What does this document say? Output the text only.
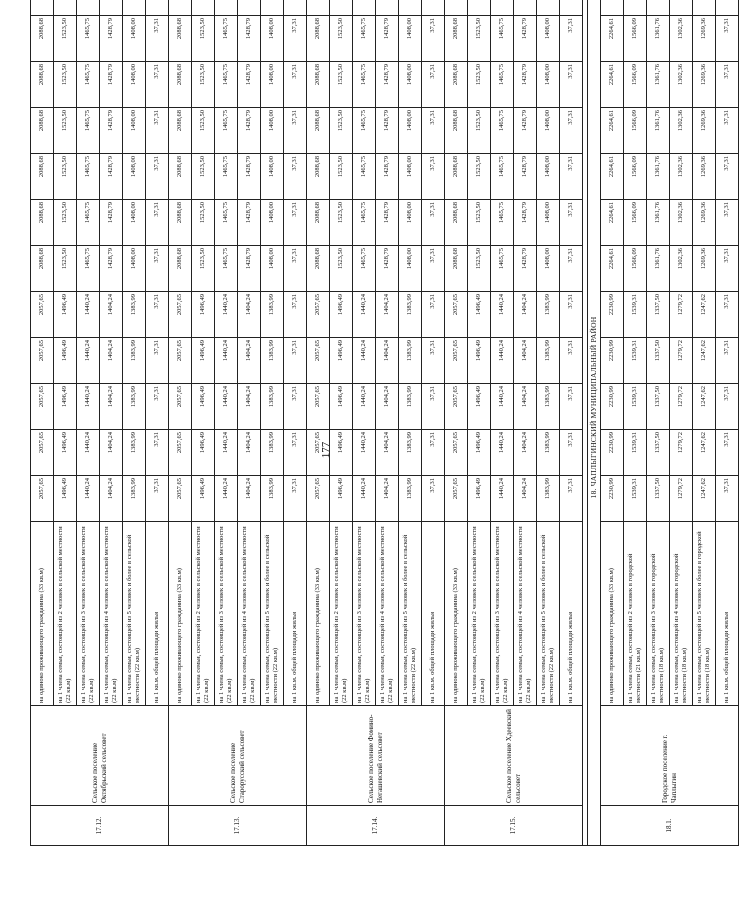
17.12.	Сельское поселение Октябрьский сельсовет	на одиноко проживающего гражданина (33 кв.м)	2057,65	2057,65	2057,65	2057,65	2057,65	2088,68	2088,68	2088,68	2088,68	2088,68	2088,68	
		на 1 члена семьи, состоящей из 2 человек в сельской местности (22 кв.м)	1496,49	1496,49	1496,49	1496,49	1496,49	1523,50	1523,50	1523,50	1523,50	1523,50	1523,50	
		на 1 члена семьи, состоящей из 3 человек в сельской местности (22 кв.м)	1440,24	1440,24	1440,24	1440,24	1440,24	1465,75	1465,75	1465,75	1465,75	1465,75	1465,75	
		на 1 члена семьи, состоящей из 4 человек в сельской местности (22 кв.м)	1404,24	1404,24	1404,24	1404,24	1404,24	1428,79	1428,79	1428,79	1428,79	1428,79	1428,79	
		на 1 члена семьи, состоящей из 5 человек и более в сельской местности (22 кв.м)	1383,99	1383,99	1383,99	1383,99	1383,99	1408,00	1408,00	1408,00	1408,00	1408,00	1408,00	
		на 1 кв.м. общей площади жилья	37,31	37,31	37,31	37,31	37,31	37,31	37,31	37,31	37,31	37,31	37,31	
17.13.	Сельское поселение Старорусский сельсовет	на одиноко проживающего гражданина (33 кв.м)	2057,65	2057,65	2057,65	2057,65	2057,65	2088,68	2088,68	2088,68	2088,68	2088,68	2088,68	
		на 1 члена семьи, состоящей из 2 человек в сельской местности (22 кв.м)	1496,49	1496,49	1496,49	1496,49	1496,49	1523,50	1523,50	1523,50	1523,50	1523,50	1523,50	
		на 1 члена семьи, состоящей из 3 человек в сельской местности (22 кв.м)	1440,24	1440,24	1440,24	1440,24	1440,24	1465,75	1465,75	1465,75	1465,75	1465,75	1465,75	
		на 1 члена семьи, состоящей из 4 человек в сельской местности (22 кв.м)	1404,24	1404,24	1404,24	1404,24	1404,24	1428,79	1428,79	1428,79	1428,79	1428,79	1428,79	
		на 1 члена семьи, состоящей из 5 человек и более в сельской местности (22 кв.м)	1383,99	1383,99	1383,99	1383,99	1383,99	1408,00	1408,00	1408,00	1408,00	1408,00	1408,00	
		на 1 кв.м. общей площади жилья	37,31	37,31	37,31	37,31	37,31	37,31	37,31	37,31	37,31	37,31	37,31	
17.14.	Сельское поселение Фомино-Негашевский сельсовет	на одиноко проживающего гражданина (33 кв.м)	2057,65	2057,65	2057,65	2057,65	2057,65	2088,68	2088,68	2088,68	2088,68	2088,68	2088,68	
		на 1 члена семьи, состоящей из 2 человек в сельской местности (22 кв.м)	1496,49	1496,49	1496,49	1496,49	1496,49	1523,50	1523,50	1523,50	1523,50	1523,50	1523,50	
		на 1 члена семьи, состоящей из 3 человек в сельской местности (22 кв.м)	1440,24	1440,24	1440,24	1440,24	1440,24	1465,75	1465,75	1465,75	1465,75	1465,75	1465,75	
		на 1 члена семьи, состоящей из 4 человек в сельской местности (22 кв.м)	1404,24	1404,24	1404,24	1404,24	1404,24	1428,79	1428,79	1428,79	1428,79	1428,79	1428,79	
		на 1 члена семьи, состоящей из 5 человек и более в сельской местности (22 кв.м)	1383,99	1383,99	1383,99	1383,99	1383,99	1408,00	1408,00	1408,00	1408,00	1408,00	1408,00	
		на 1 кв.м. общей площади жилья	37,31	37,31	37,31	37,31	37,31	37,31	37,31	37,31	37,31	37,31	37,31	
17.15.	Сельское поселение Хдеевский сельсовет	на одиноко проживающего гражданина (33 кв.м)	2057,65	2057,65	2057,65	2057,65	2057,65	2088,68	2088,68	2088,68	2088,68	2088,68	2088,68	
		на 1 члена семьи, состоящей из 2 человек в сельской местности (22 кв.м)	1496,49	1496,49	1496,49	1496,49	1496,49	1523,50	1523,50	1523,50	1523,50	1523,50	1523,50	
		на 1 члена семьи, состоящей из 3 человек в сельской местности (22 кв.м)	1440,24	1440,24	1440,24	1440,24	1440,24	1465,75	1465,75	1465,75	1465,75	1465,75	1465,75	
		на 1 члена семьи, состоящей из 4 человек в сельской местности (22 кв.м)	1404,24	1404,24	1404,24	1404,24	1404,24	1428,79	1428,79	1428,79	1428,79	1428,79	1428,79	
		на 1 члена семьи, состоящей из 5 человек и более в сельской местности (22 кв.м)	1383,99	1383,99	1383,99	1383,99	1383,99	1408,00	1408,00	1408,00	1408,00	1408,00	1408,00	
		на 1 кв.м. общей площади жилья	37,31	37,31	37,31	37,31	37,31	37,31	37,31	37,31	37,31	37,31	37,31	

18. ЧАПЛЫГИНСКИЙ МУНИЦИПАЛЬНЫЙ РАЙОН														
18.1.	Городское поселение г. Чаплыгин	на одиноко проживающего гражданина (33 кв.м)	2230,99	2230,99	2230,99	2230,99	2230,99	2264,61	2264,61	2264,61	2264,61	2264,61	2264,61	
		на 1 члена семьи, состоящей из 2 человек в городской местности (21 кв.м)	1539,31	1539,31	1539,31	1539,31	1539,31	1566,09	1566,09	1566,09	1566,09	1566,09	1566,09	
		на 1 члена семьи, состоящей из 3 человек в городской местности (18 кв.м)	1337,50	1337,50	1337,50	1337,50	1337,50	1361,76	1361,76	1361,76	1361,76	1361,76	1361,76	
		на 1 члена семьи, состоящей из 4 человек в городской местности (18 кв.м)	1279,72	1279,72	1279,72	1279,72	1279,72	1302,36	1302,36	1302,36	1302,36	1302,36	1302,36	
		на 1 члена семьи, состоящей из 5 человек и более в городской местности (18 кв.м)	1247,62	1247,62	1247,62	1247,62	1247,62	1269,36	1269,36	1269,36	1269,36	1269,36	1269,36	
		на 1 кв.м. общей площади жилья	37,31	37,31	37,31	37,31	37,31	37,31	37,31	37,31	37,31	37,31	37,31	
177
